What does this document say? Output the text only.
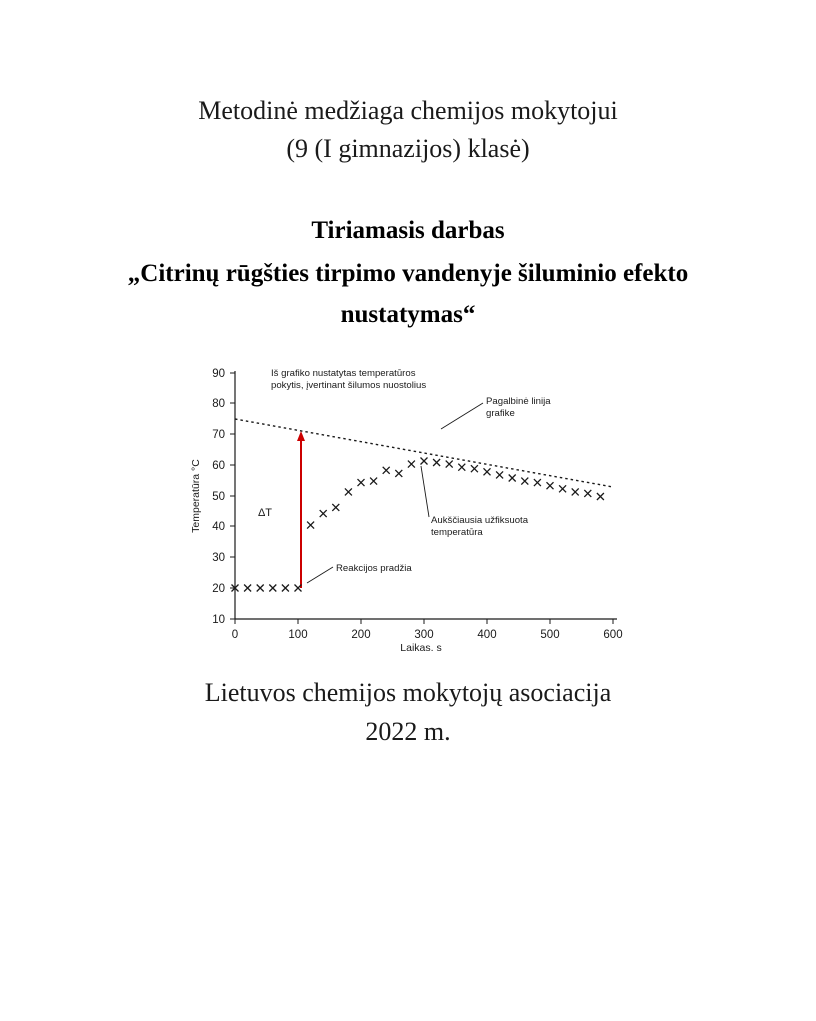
Metodinė medžiaga chemijos mokytojui
(9 (I gimnazijos) klasė)
Tiriamasis darbas
„Citrinų rūgšties tirpimo vandenyje šiluminio efekto
nustatymas“
10
20
30
40
50
60
70
80
90
0	100	200	300	400	500	600
Laikas, s
Temperatūra °C	ΔT
Iš grafiko nustatytas temperatūros
pokytis, įvertinant šilumos nuostolius
Pagalbinė linija
grafike
Aukščiausia užfiksuota
temperatūra
Reakcijos pradžia
Lietuvos chemijos mokytojų asociacija
2022 m.
